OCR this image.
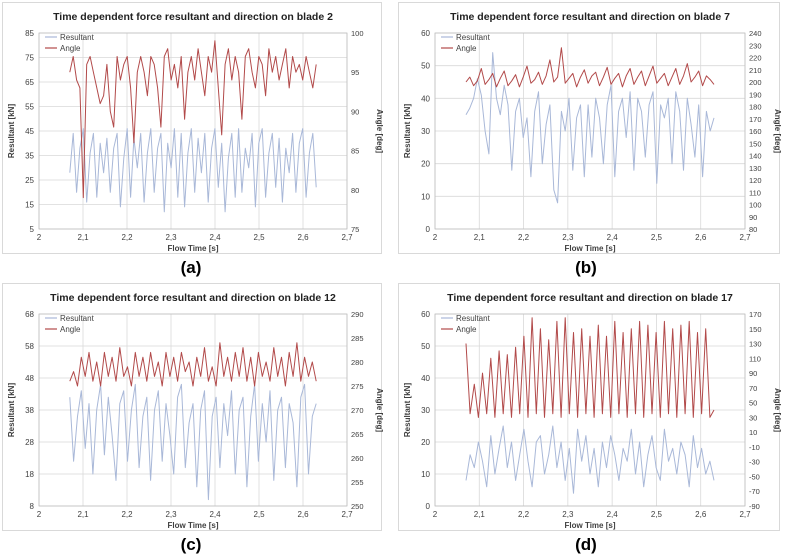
Time dependent force resultant and direction on blade 2
2	2,1	2,2	2,3	2,4	2,5	2,6	2,7
5
15
25
35
45
55
65
75
85
75
80
85
90
95
100
Flow Time [s]
Resultant [kN]	Angle [deg]
Resultant
Angle
(a)
Time dependent force resultant and direction on blade 7
2	2,1	2,2	2,3	2,4	2,5	2,6	2,7
0
10
20
30
40
50
60
80
90
100
110
120
130
140
150
160
170
180
190
200
210
220
230
240
Flow Time [s]
Resultant [kN]	Angle [deg]
Resultant
Angle
(b)
Time dependent force resultant and direction on blade 12
2	2,1	2,2	2,3	2,4	2,5	2,6	2,7
8
18
28
38
48
58
68
250
255
260
265
270
275
280
285
290
Flow Time [s]
Resultant [kN]	Angle [deg]
Resultant
Angle
(c)
Time dependent force resultant and direction on blade 17
2	2,1	2,2	2,3	2,4	2,5	2,6	2,7
0
10
20
30
40
50
60
-90
-70
-50
-30
-10
10
30
50
70
90
110
130
150
170
Flow Time [s]
Resultant [kN]	Angle [deg]
Resultant
Angle
(d)
